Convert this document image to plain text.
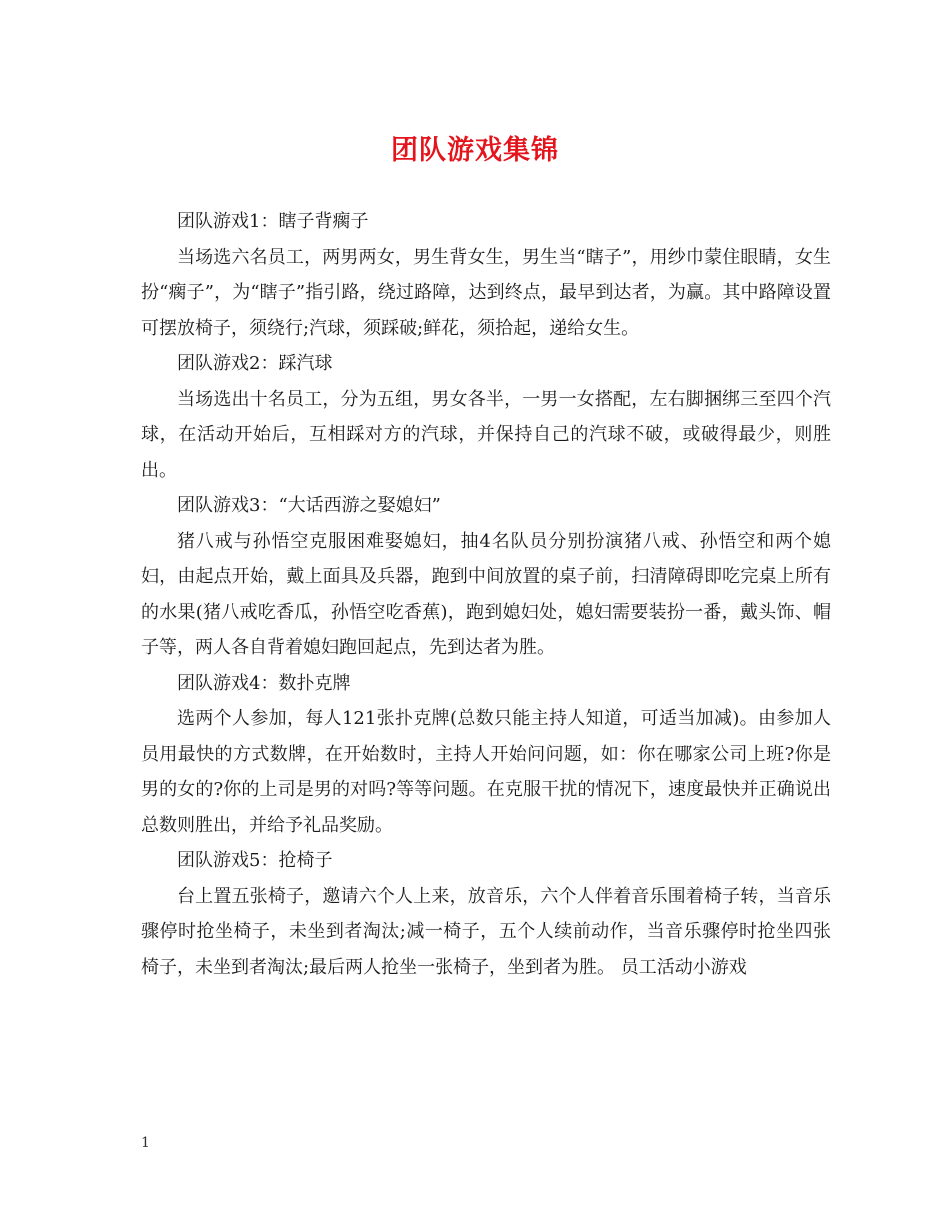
团队游戏集锦

团队游戏1：瞎子背瘸子

当场选六名员工，两男两女，男生背女生，男生当“瞎子”，用纱巾蒙住眼睛，女生扮“瘸子”，为“瞎子”指引路，绕过路障，达到终点，最早到达者，为赢。其中路障设置可摆放椅子，须绕行;汽球，须踩破;鲜花，须拾起，递给女生。

团队游戏2：踩汽球

当场选出十名员工，分为五组，男女各半，一男一女搭配，左右脚捆绑三至四个汽球，在活动开始后，互相踩对方的汽球，并保持自己的汽球不破，或破得最少，则胜出。

团队游戏3：“大话西游之娶媳妇”

猪八戒与孙悟空克服困难娶媳妇，抽4名队员分别扮演猪八戒、孙悟空和两个媳妇，由起点开始，戴上面具及兵器，跑到中间放置的桌子前，扫清障碍即吃完桌上所有的水果(猪八戒吃香瓜，孙悟空吃香蕉)，跑到媳妇处，媳妇需要装扮一番，戴头饰、帽子等，两人各自背着媳妇跑回起点，先到达者为胜。

团队游戏4：数扑克牌

选两个人参加，每人121张扑克牌(总数只能主持人知道，可适当加减)。由参加人员用最快的方式数牌，在开始数时，主持人开始问问题，如：你在哪家公司上班?你是男的女的?你的上司是男的对吗?等等问题。在克服干扰的情况下，速度最快并正确说出总数则胜出，并给予礼品奖励。

团队游戏5：抢椅子

台上置五张椅子，邀请六个人上来，放音乐，六个人伴着音乐围着椅子转，当音乐骤停时抢坐椅子，未坐到者淘汰;减一椅子，五个人续前动作，当音乐骤停时抢坐四张椅子，未坐到者淘汰;最后两人抢坐一张椅子，坐到者为胜。 员工活动小游戏

1
